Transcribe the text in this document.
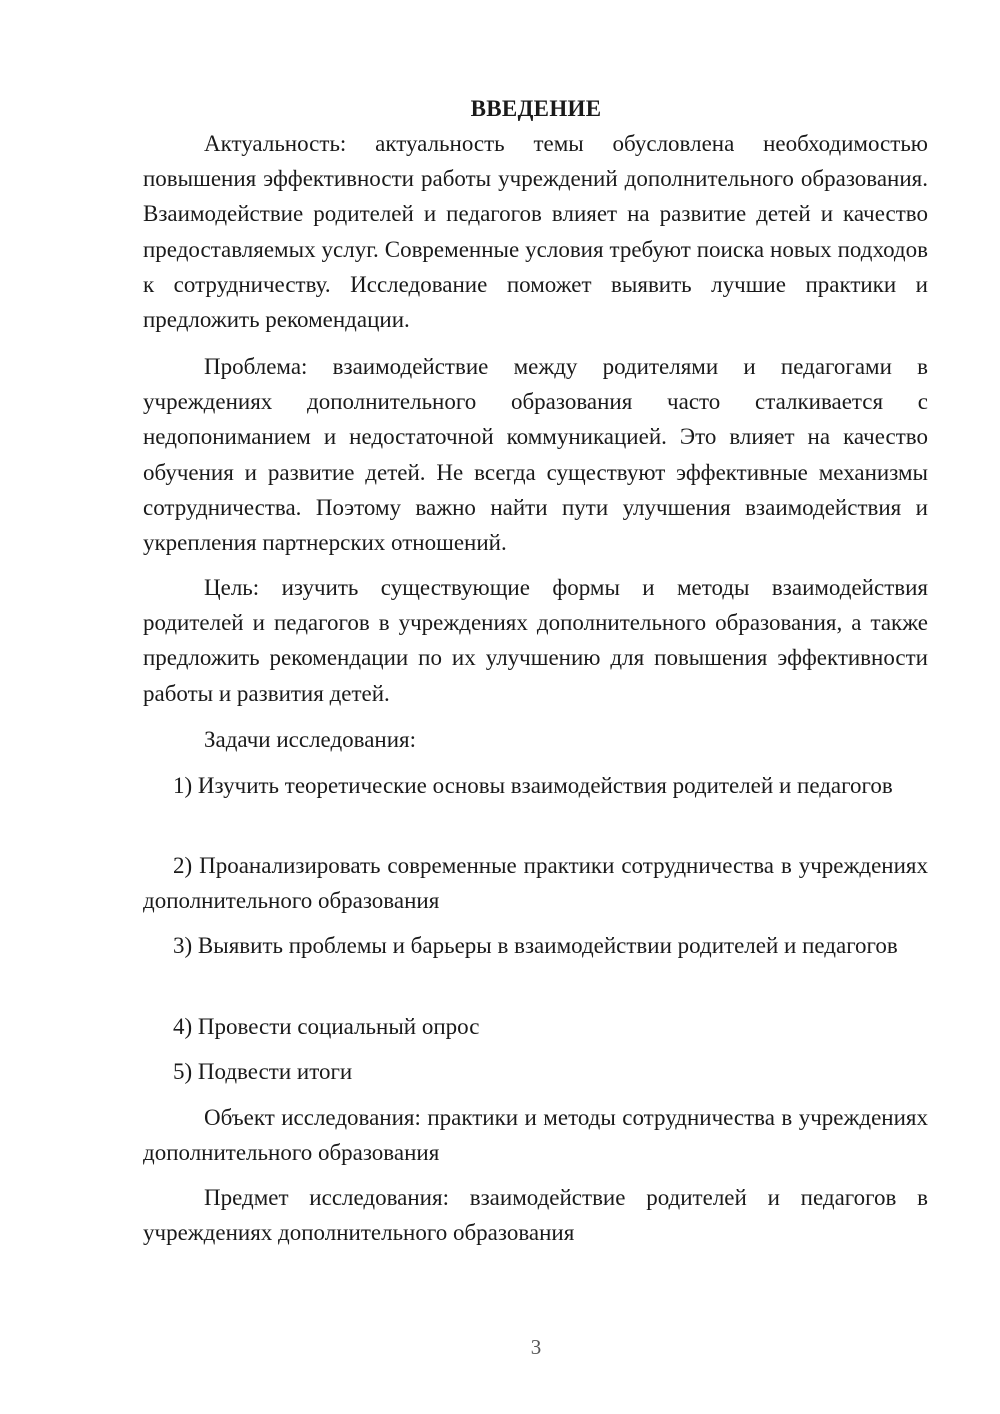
ВВЕДЕНИЕ

Актуальность: актуальность темы обусловлена необходимостью повышения эффективности работы учреждений дополнительного образования. Взаимодействие родителей и педагогов влияет на развитие детей и качество предоставляемых услуг. Современные условия требуют поиска новых подходов к сотрудничеству. Исследование поможет выявить лучшие практики и предложить рекомендации.

Проблема: взаимодействие между родителями и педагогами в учреждениях дополнительного образования часто сталкивается с недопониманием и недостаточной коммуникацией. Это влияет на качество обучения и развитие детей. Не всегда существуют эффективные механизмы сотрудничества. Поэтому важно найти пути улучшения взаимодействия и укрепления партнерских отношений.

Цель: изучить существующие формы и методы взаимодействия родителей и педагогов в учреждениях дополнительного образования, а также предложить рекомендации по их улучшению для повышения эффективности работы и развития детей.

Задачи исследования:

1) Изучить теоретические основы взаимодействия родителей и педагогов

2) Проанализировать современные практики сотрудничества в учреждениях дополнительного образования

3) Выявить проблемы и барьеры в взаимодействии родителей и педагогов

4) Провести социальный опрос

5) Подвести итоги

Объект исследования: практики и методы сотрудничества в учреждениях дополнительного образования

Предмет исследования: взаимодействие родителей и педагогов в учреждениях дополнительного образования

3
